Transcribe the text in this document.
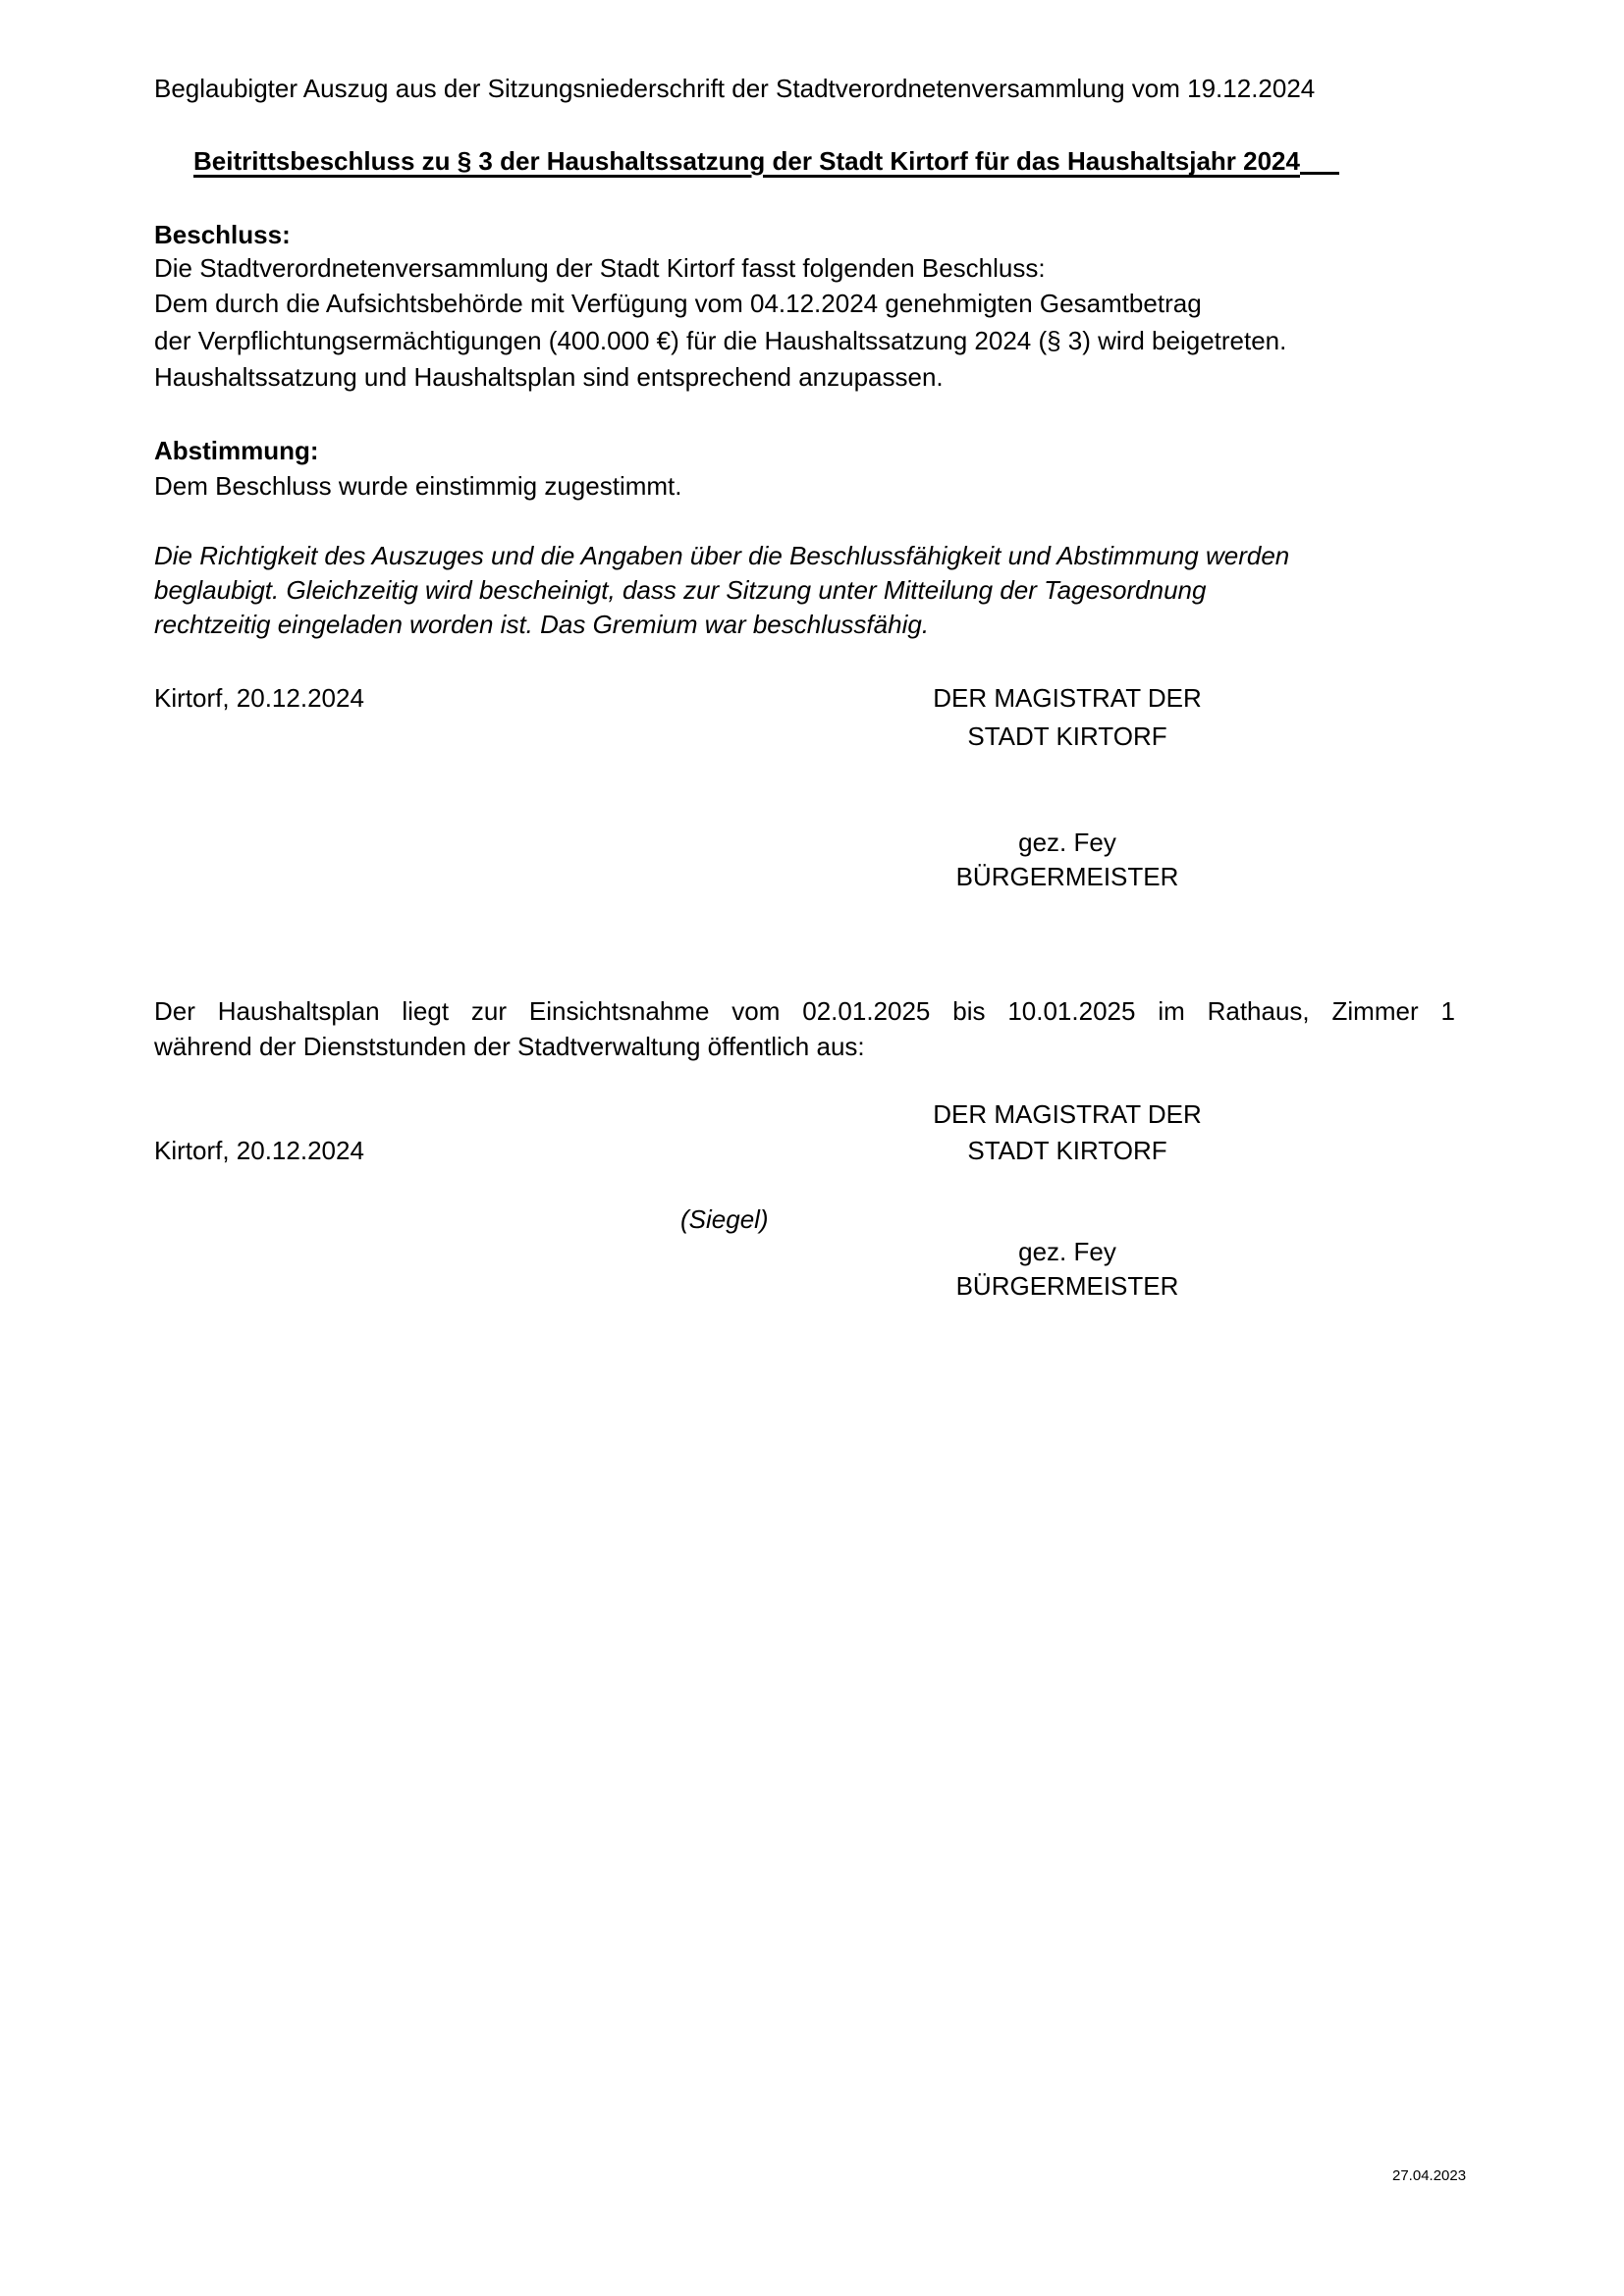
Beglaubigter Auszug aus der Sitzungsniederschrift der Stadtverordnetenversammlung vom 19.12.2024
Beitrittsbeschluss zu § 3 der Haushaltssatzung der Stadt Kirtorf für das Haushaltsjahr 2024
Beschluss:
Die Stadtverordnetenversammlung der Stadt Kirtorf fasst folgenden Beschluss:
Dem durch die Aufsichtsbehörde mit Verfügung vom 04.12.2024 genehmigten Gesamtbetrag
der Verpflichtungsermächtigungen (400.000 €) für die Haushaltssatzung 2024 (§ 3) wird beigetreten.
Haushaltssatzung und Haushaltsplan sind entsprechend anzupassen.
Abstimmung:
Dem Beschluss wurde einstimmig zugestimmt.
Die Richtigkeit des Auszuges und die Angaben über die Beschlussfähigkeit und Abstimmung werden
beglaubigt. Gleichzeitig wird bescheinigt, dass zur Sitzung unter Mitteilung der Tagesordnung
rechtzeitig eingeladen worden ist. Das Gremium war beschlussfähig.
Kirtorf, 20.12.2024	DER MAGISTRAT DER
STADT KIRTORF
gez. Fey
BÜRGERMEISTER
Der Haushaltsplan liegt zur Einsichtsnahme vom 02.01.2025 bis 10.01.2025 im Rathaus, Zimmer 1
während der Dienststunden der Stadtverwaltung öffentlich aus:
DER MAGISTRAT DER
Kirtorf, 20.12.2024	STADT KIRTORF
(Siegel)
gez. Fey
BÜRGERMEISTER
27.04.2023
